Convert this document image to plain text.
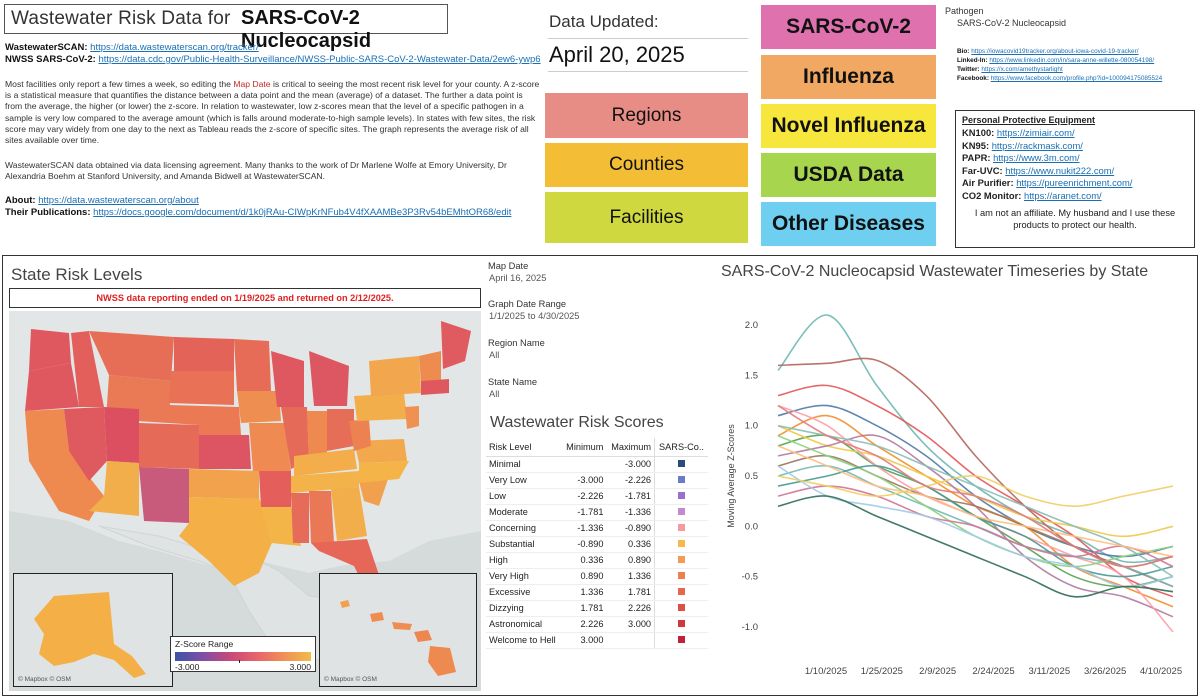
Wastewater Risk Data for SARS-CoV-2 Nucleocapsid
WastewaterSCAN: https://data.wastewaterscan.org/tracker/
NWSS SARS-CoV-2: https://data.cdc.gov/Public-Health-Surveillance/NWSS-Public-SARS-CoV-2-Wastewater-Data/2ew6-ywp6
Most facilities only report a few times a week, so editing the Map Date is critical to seeing the most recent risk level for your county. A z-score is a statistical measure that quantifies the distance between a data point and the mean (average) of a dataset. The further a data point is from the average, the higher (or lower) the z-score. In relation to wastewater, low z-scores mean that the level of a specific pathogen in a sample is very low compared to the average amount (which is falls around moderate-to-high sample levels). In states with few sites, the risk score may vary widely from one day to the next as Tableau reads the z-score of specific sites. The graph represents the average risk of all sites available over time.
WastewaterSCAN data obtained via data licensing agreement. Many thanks to the work of Dr Marlene Wolfe at Emory University, Dr Alexandria Boehm at Stanford University, and Amanda Bidwell at WastewaterSCAN.
About: https://data.wastewaterscan.org/about
Their Publications: https://docs.google.com/document/d/1k0jRAu-CIWpKrNFub4V4fXAAMBe3P3Rv54bEMhtOR68/edit
Data Updated:
April 20, 2025
Regions
Counties
Facilities
SARS-CoV-2
Influenza
Novel Influenza
USDA Data
Other Diseases
Pathogen
SARS-CoV-2 Nucleocapsid
Bio: https://iowacovid19tracker.org/about-iowa-covid-19-tracker/
Linked-In: https://www.linkedin.com/in/sara-anne-willette-080054198/
Twitter: https://x.com/amethystarlight
Facebook: https://www.facebook.com/profile.php?id=100094175085524
Personal Protective Equipment
KN100: https://zimiair.com/
KN95: https://rackmask.com/
PAPR: https://www.3m.com/
Far-UVC: https://www.nukit222.com/
Air Purifier: https://pureenrichment.com/
CO2 Monitor: https://aranet.com/
I am not an affiliate. My husband and I use these products to protect our health.
State Risk Levels
NWSS data reporting ended on 1/19/2025 and returned on 2/12/2025.
© Mapbox © OSM	© Mapbox © OSM
Z-Score Range
-3.000	3.000
Map Date
April 16, 2025
Graph Date Range
1/1/2025 to 4/30/2025
Region Name
All
State Name
All
Wastewater Risk Scores
Risk Level	Minimum	Maximum	SARS-Co..
Minimal		-3.000	
Very Low	-3.000	-2.226	
Low	-2.226	-1.781	
Moderate	-1.781	-1.336	
Concerning	-1.336	-0.890	
Substantial	-0.890	0.336	
High	0.336	0.890	
Very High	0.890	1.336	
Excessive	1.336	1.781	
Dizzying	1.781	2.226	
Astronomical	2.226	3.000	
Welcome to Hell	3.000		
SARS-CoV-2 Nucleocapsid Wastewater Timeseries by State
Moving Average Z-Scores
-1.0
-0.5
0.0
0.5
1.0
1.5
2.0
1/10/2025 1/25/2025 2/9/2025 2/24/2025 3/11/2025 3/26/2025 4/10/2025
